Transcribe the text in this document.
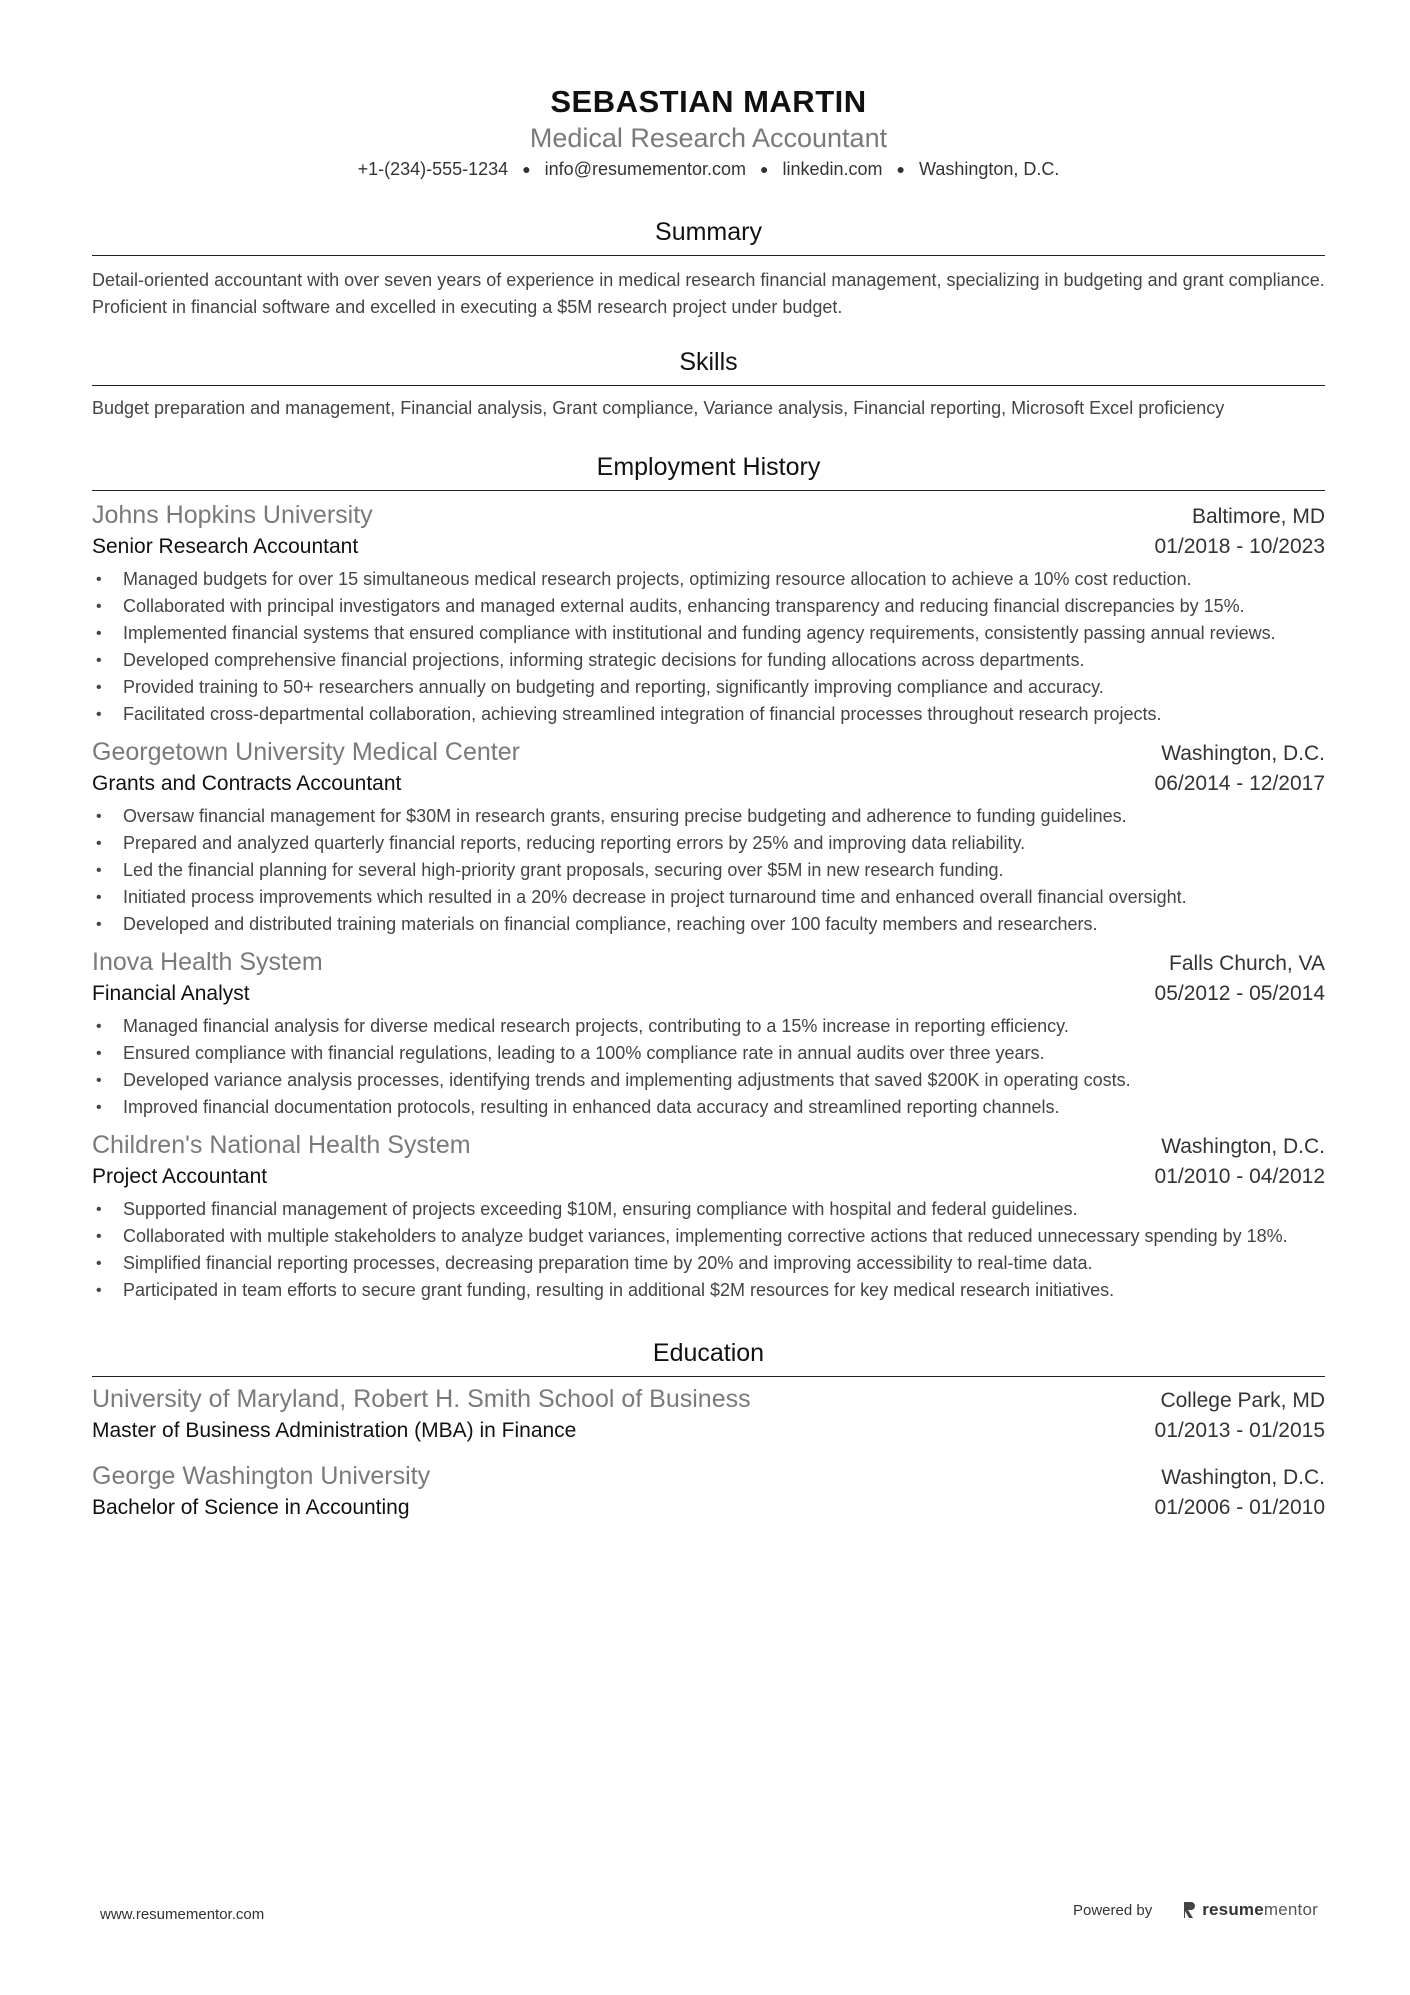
SEBASTIAN MARTIN
Medical Research Accountant
+1-(234)-555-1234 ● info@resumementor.com ● linkedin.com ● Washington, D.C.
Summary
Detail-oriented accountant with over seven years of experience in medical research financial management, specializing in budgeting and grant compliance. Proficient in financial software and excelled in executing a $5M research project under budget.
Skills
Budget preparation and management, Financial analysis, Grant compliance, Variance analysis, Financial reporting, Microsoft Excel proficiency
Employment History
Johns Hopkins University	Baltimore, MD
Senior Research Accountant	01/2018 - 10/2023
• Managed budgets for over 15 simultaneous medical research projects, optimizing resource allocation to achieve a 10% cost reduction.
• Collaborated with principal investigators and managed external audits, enhancing transparency and reducing financial discrepancies by 15%.
• Implemented financial systems that ensured compliance with institutional and funding agency requirements, consistently passing annual reviews.
• Developed comprehensive financial projections, informing strategic decisions for funding allocations across departments.
• Provided training to 50+ researchers annually on budgeting and reporting, significantly improving compliance and accuracy.
• Facilitated cross-departmental collaboration, achieving streamlined integration of financial processes throughout research projects.
Georgetown University Medical Center	Washington, D.C.
Grants and Contracts Accountant	06/2014 - 12/2017
• Oversaw financial management for $30M in research grants, ensuring precise budgeting and adherence to funding guidelines.
• Prepared and analyzed quarterly financial reports, reducing reporting errors by 25% and improving data reliability.
• Led the financial planning for several high-priority grant proposals, securing over $5M in new research funding.
• Initiated process improvements which resulted in a 20% decrease in project turnaround time and enhanced overall financial oversight.
• Developed and distributed training materials on financial compliance, reaching over 100 faculty members and researchers.
Inova Health System	Falls Church, VA
Financial Analyst	05/2012 - 05/2014
• Managed financial analysis for diverse medical research projects, contributing to a 15% increase in reporting efficiency.
• Ensured compliance with financial regulations, leading to a 100% compliance rate in annual audits over three years.
• Developed variance analysis processes, identifying trends and implementing adjustments that saved $200K in operating costs.
• Improved financial documentation protocols, resulting in enhanced data accuracy and streamlined reporting channels.
Children's National Health System	Washington, D.C.
Project Accountant	01/2010 - 04/2012
• Supported financial management of projects exceeding $10M, ensuring compliance with hospital and federal guidelines.
• Collaborated with multiple stakeholders to analyze budget variances, implementing corrective actions that reduced unnecessary spending by 18%.
• Simplified financial reporting processes, decreasing preparation time by 20% and improving accessibility to real-time data.
• Participated in team efforts to secure grant funding, resulting in additional $2M resources for key medical research initiatives.
Education
University of Maryland, Robert H. Smith School of Business	College Park, MD
Master of Business Administration (MBA) in Finance	01/2013 - 01/2015
George Washington University	Washington, D.C.
Bachelor of Science in Accounting	01/2006 - 01/2010
www.resumementor.com	Powered by	resumementor
